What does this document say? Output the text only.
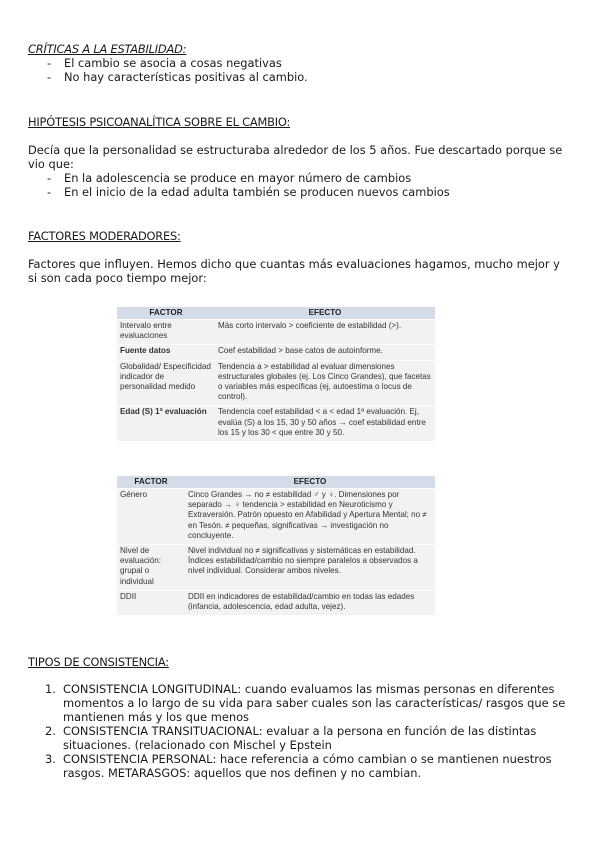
CRÍTICAS A LA ESTABILIDAD:
- El cambio se asocia a cosas negativas
- No hay características positivas al cambio.
HIPÓTESIS PSICOANALÍTICA SOBRE EL CAMBIO:
Decía que la personalidad se estructuraba alrededor de los 5 años. Fue descartado porque se vio que:
- En la adolescencia se produce en mayor número de cambios
- En el inicio de la edad adulta también se producen nuevos cambios
FACTORES MODERADORES:
Factores que influyen. Hemos dicho que cuantas más evaluaciones hagamos, mucho mejor y si son cada poco tiempo mejor:
FACTOR	EFECTO
Intervalo entre evaluaciones	Más corto intervalo > coeficiente de estabilidad (>).
Fuente datos	Coef estabilidad > base catos de autoinforme.
Globalidad/ Especificidad indicador de personalidad medido	Tendencia a > estabilidad al evaluar dimensiones estructurales globales (ej. Los Cinco Grandes), que facetas o variables más específicas (ej, autoestima o locus de control).
Edad (S) 1ª evaluación	Tendencia coef estabilidad < a < edad 1ª evaluación. Ej, evalúa (S) a los 15, 30 y 50 años → coef estabilidad entre los 15 y los 30 < que entre 30 y 50.
FACTOR	EFECTO
Género	Cinco Grandes → no ≠ estabilidad ♂ y ♀. Dimensiones por separado → ♀ tendencia > estabilidad en Neuroticismo y Extraversión. Patrón opuesto en Afabilidad y Apertura Mental; no ≠ en Tesón. ≠ pequeñas, significativas → investigación no concluyente.
Nivel de evaluación: grupal o individual	Nivel individual no ≠ significativas y sistemáticas en estabilidad. Índices estabilidad/cambio no siempre paralelos a observados a nivel individual. Considerar ambos niveles.
DDII	DDII en indicadores de estabilidad/cambio en todas las edades (infancia, adolescencia, edad adulta, vejez).
TIPOS DE CONSISTENCIA:
1. CONSISTENCIA LONGITUDINAL: cuando evaluamos las mismas personas en diferentes momentos a lo largo de su vida para saber cuales son las características/ rasgos que se mantienen más y los que menos
2. CONSISTENCIA TRANSITUACIONAL: evaluar a la persona en función de las distintas situaciones. (relacionado con Mischel y Epstein
3. CONSISTENCIA PERSONAL: hace referencia a cómo cambian o se mantienen nuestros rasgos. METARASGOS: aquellos que nos definen y no cambian.
